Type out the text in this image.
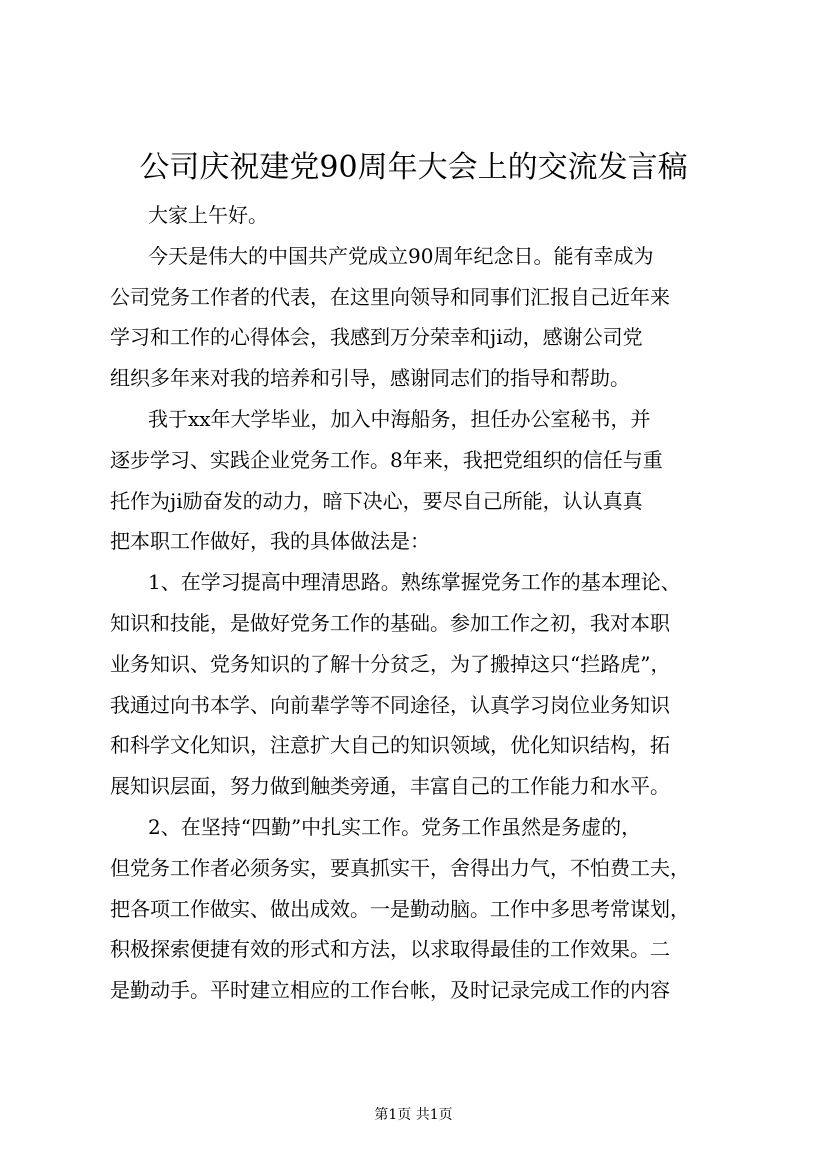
公司庆祝建党90周年大会上的交流发言稿
大家上午好。
今天是伟大的中国共产党成立90周年纪念日。能有幸成为
公司党务工作者的代表，在这里向领导和同事们汇报自己近年来
学习和工作的心得体会，我感到万分荣幸和ji动，感谢公司党
组织多年来对我的培养和引导，感谢同志们的指导和帮助。
我于xx年大学毕业，加入中海船务，担任办公室秘书，并
逐步学习、实践企业党务工作。8年来，我把党组织的信任与重
托作为ji励奋发的动力，暗下决心，要尽自己所能，认认真真
把本职工作做好，我的具体做法是：
1、在学习提高中理清思路。熟练掌握党务工作的基本理论、
知识和技能，是做好党务工作的基础。参加工作之初，我对本职
业务知识、党务知识的了解十分贫乏，为了搬掉这只“拦路虎”，
我通过向书本学、向前辈学等不同途径，认真学习岗位业务知识
和科学文化知识，注意扩大自己的知识领域，优化知识结构，拓
展知识层面，努力做到触类旁通，丰富自己的工作能力和水平。
2、在坚持“四勤”中扎实工作。党务工作虽然是务虚的，
但党务工作者必须务实，要真抓实干，舍得出力气，不怕费工夫，
把各项工作做实、做出成效。一是勤动脑。工作中多思考常谋划，
积极探索便捷有效的形式和方法，以求取得最佳的工作效果。二
是勤动手。平时建立相应的工作台帐，及时记录完成工作的内容
第1页 共1页
